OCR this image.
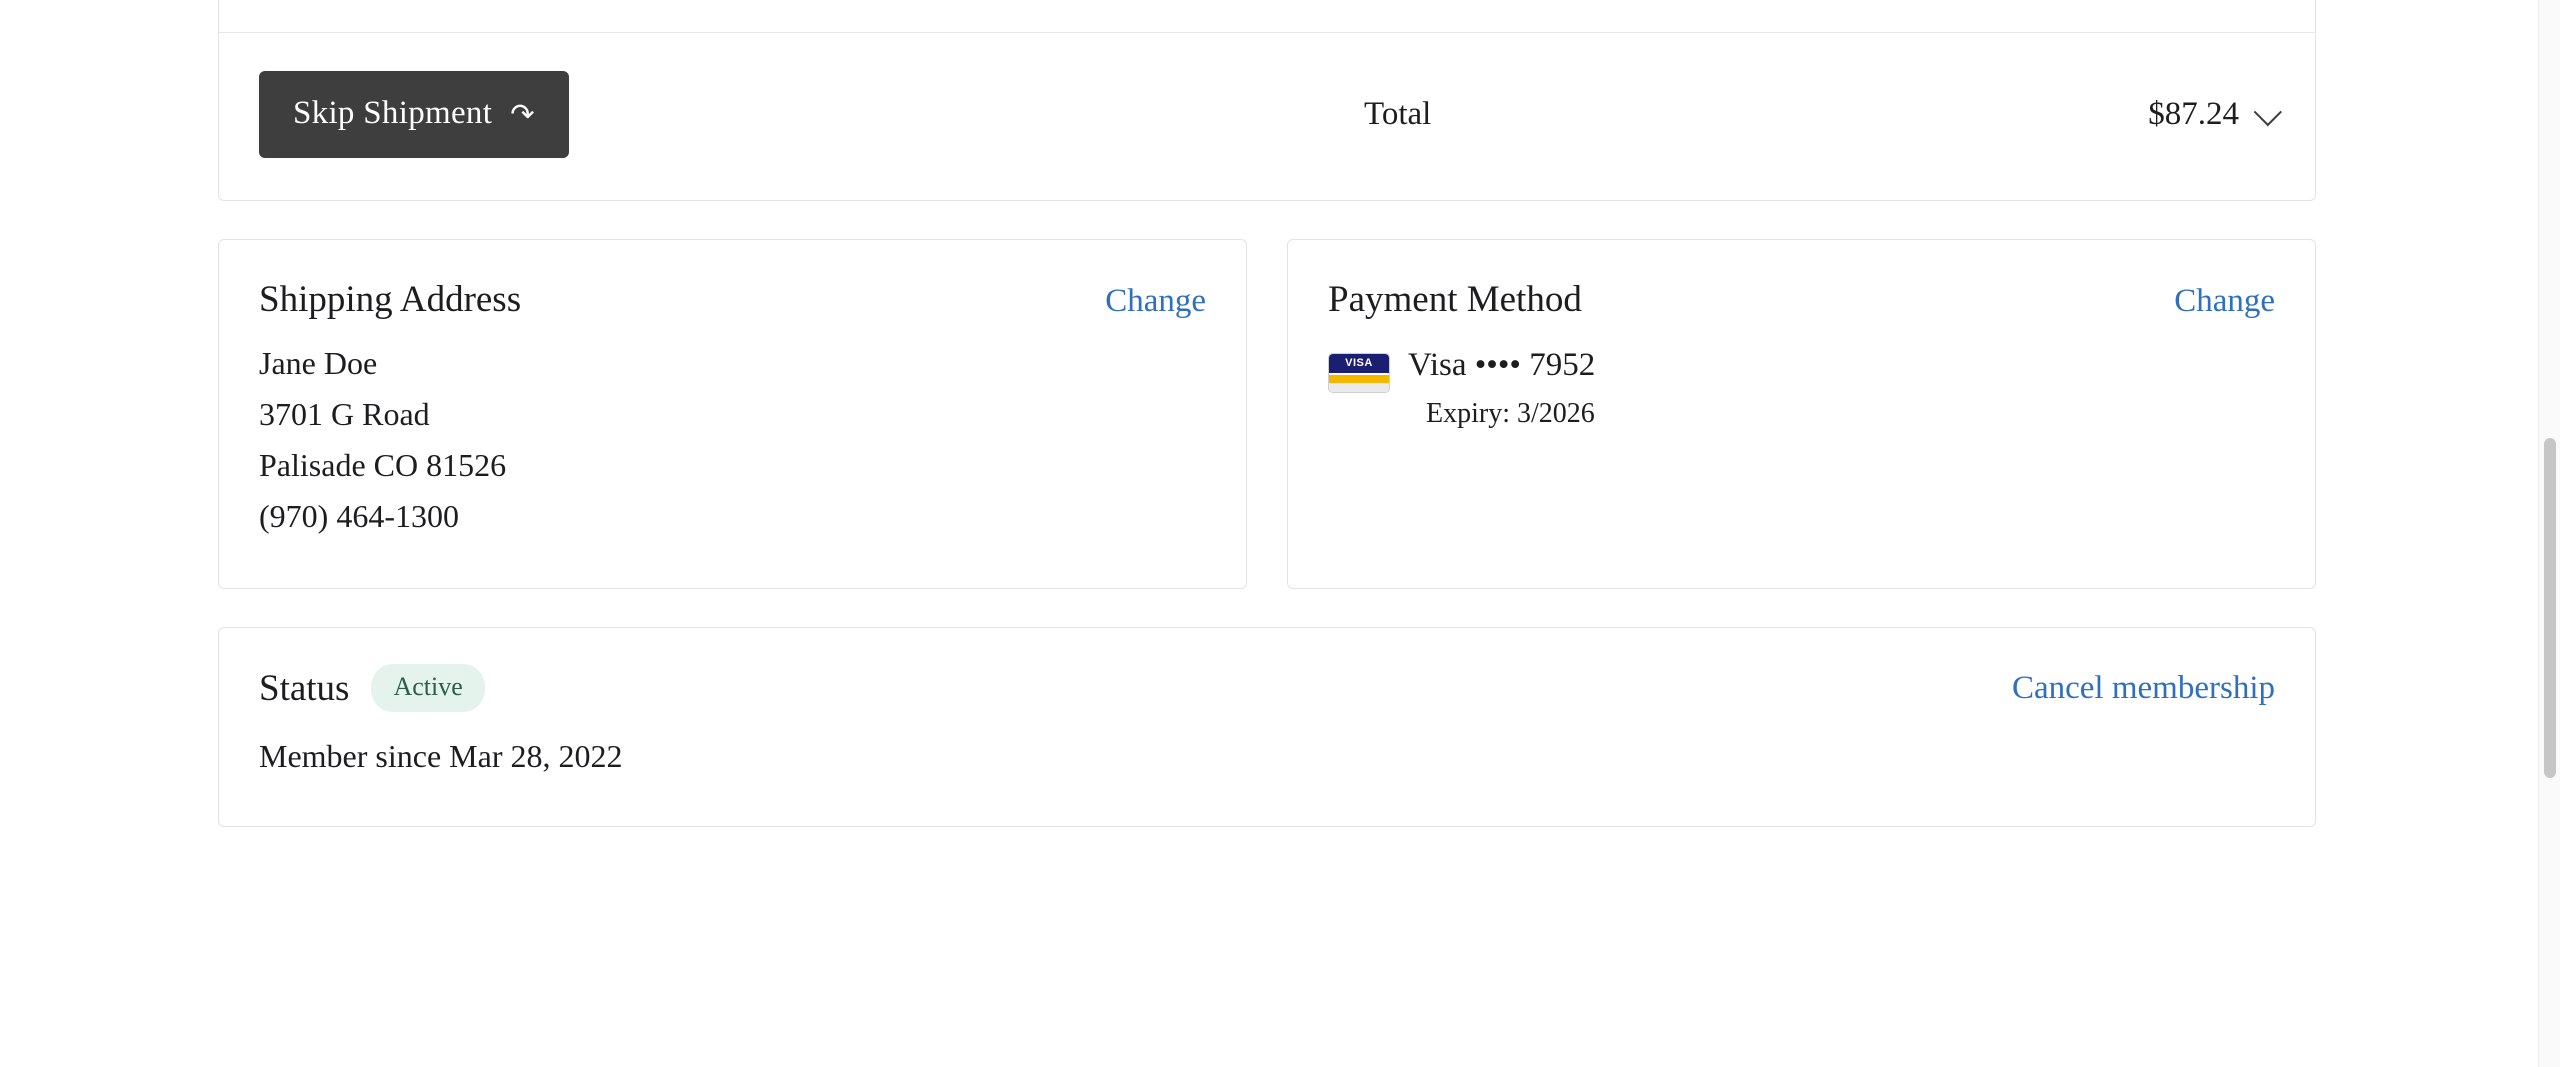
Skip Shipment ↷	Total	$87.24
Shipping Address	Change
Jane Doe
3701 G Road
Palisade CO 81526
(970) 464-1300
Payment Method	Change
VISA	Visa •••• 7952
Expiry: 3/2026
Status	Active
Member since Mar 28, 2022
Cancel membership
